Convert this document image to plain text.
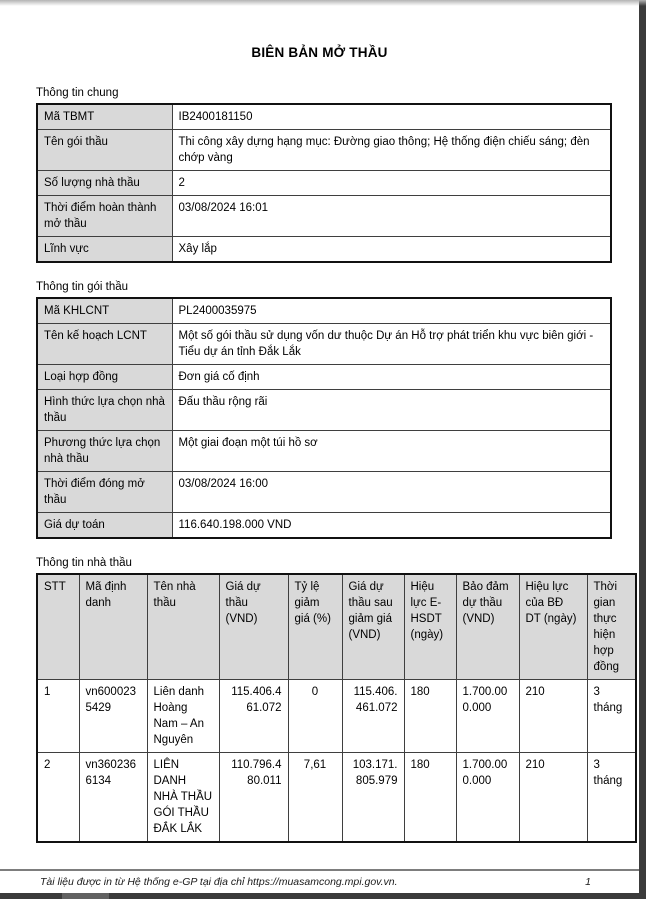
BIÊN BẢN MỞ THẦU
Thông tin chung
Mã TBMT	IB2400181150
Tên gói thầu	Thi công xây dựng hạng mục: Đường giao thông; Hệ thống điện chiếu sáng; đèn chớp vàng
Số lượng nhà thầu	2
Thời điểm hoàn thành mở thầu	03/08/2024 16:01
Lĩnh vực	Xây lắp
Thông tin gói thầu
Mã KHLCNT	PL2400035975
Tên kế hoạch LCNT	Một số gói thầu sử dụng vốn dư thuộc Dự án Hỗ trợ phát triển khu vực biên giới - Tiểu dự án tỉnh Đắk Lắk
Loại hợp đồng	Đơn giá cố định
Hình thức lựa chọn nhà thầu	Đấu thầu rộng rãi
Phương thức lựa chọn nhà thầu	Một giai đoạn một túi hồ sơ
Thời điểm đóng mở thầu	03/08/2024 16:00
Giá dự toán	116.640.198.000 VND
Thông tin nhà thầu
STT	Mã định danh	Tên nhà thầu	Giá dự thầu (VND)	Tỷ lệ giảm giá (%)	Giá dự thầu sau giảm giá (VND)	Hiệu lực E-HSDT (ngày)	Bảo đảm dự thầu (VND)	Hiệu lực của BĐ DT (ngày)	Thời gian thực hiện hợp đồng
1	vn6000235429	Liên danh Hoàng Nam – An Nguyên	115.406.461.072	0	115.406.461.072	180	1.700.000.000	210	3 tháng
2	vn3602366134	LIÊN DANH NHÀ THẦU GÓI THẦU ĐẮK LẮK	110.796.480.011	7,61	103.171.805.979	180	1.700.000.000	210	3 tháng
Tài liệu được in từ Hệ thống e-GP tại địa chỉ https://muasamcong.mpi.gov.vn.	1
